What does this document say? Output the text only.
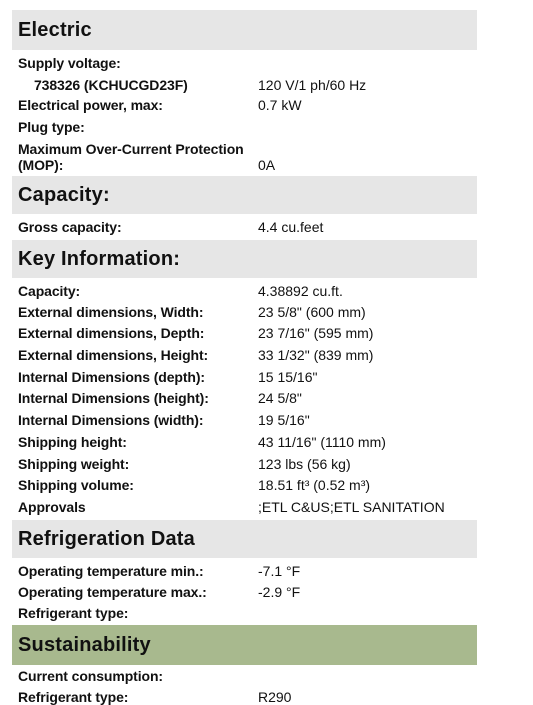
Electric
Supply voltage:
738326 (KCHUCGD23F)	120 V/1 ph/60 Hz
Electrical power, max:	0.7 kW
Plug type:
Maximum Over-Current Protection
(MOP):	0A
Capacity:
Gross capacity:	4.4 cu.feet
Key Information:
Capacity:	4.38892 cu.ft.
External dimensions, Width:	23 5/8" (600 mm)
External dimensions, Depth:	23 7/16" (595 mm)
External dimensions, Height:	33 1/32" (839 mm)
Internal Dimensions (depth):	15 15/16"
Internal Dimensions (height):	24 5/8"
Internal Dimensions (width):	19 5/16"
Shipping height:	43 11/16" (1110 mm)
Shipping weight:	123 lbs (56 kg)
Shipping volume:	18.51 ft³ (0.52 m³)
Approvals	;ETL C&US;ETL SANITATION
Refrigeration Data
Operating temperature min.:	-7.1 °F
Operating temperature max.:	-2.9 °F
Refrigerant type:
Sustainability
Current consumption:
Refrigerant type:	R290
